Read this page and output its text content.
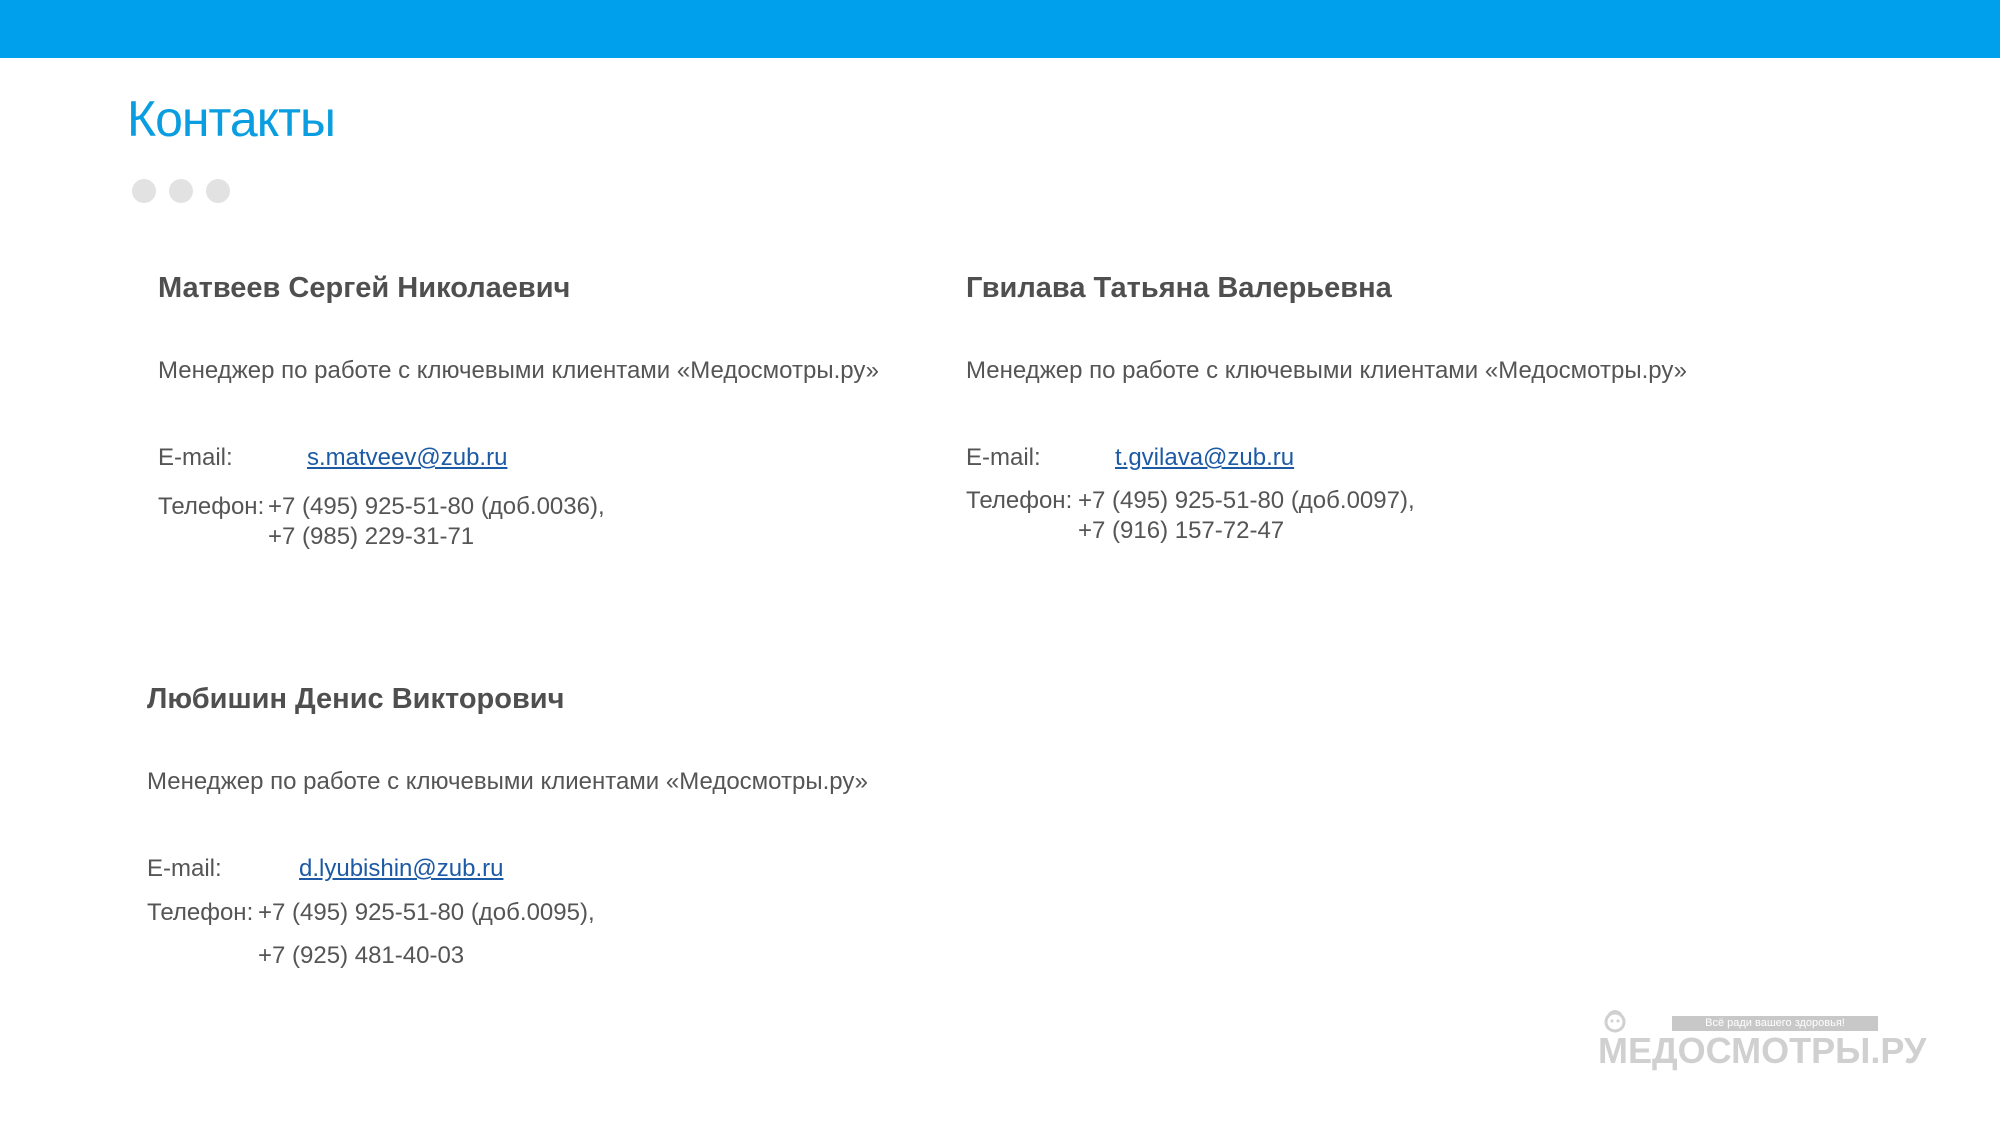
Контакты
Матвеев Сергей Николаевич
Менеджер по работе с ключевыми клиентами «Медосмотры.ру»
E-mail:	s.matveev@zub.ru
Телефон: +7 (495) 925-51-80 (доб.0036),
+7 (985) 229-31-71
Гвилава Татьяна Валерьевна
Менеджер по работе с ключевыми клиентами «Медосмотры.ру»
E-mail:	t.gvilava@zub.ru
Телефон: +7 (495) 925-51-80 (доб.0097),
+7 (916) 157-72-47
Любишин Денис Викторович
Менеджер по работе с ключевыми клиентами «Медосмотры.ру»
E-mail:	d.lyubishin@zub.ru
Телефон: +7 (495) 925-51-80 (доб.0095),
+7 (925) 481-40-03
Всё ради вашего здоровья!
МЕДОСМОТРЫ.РУ
